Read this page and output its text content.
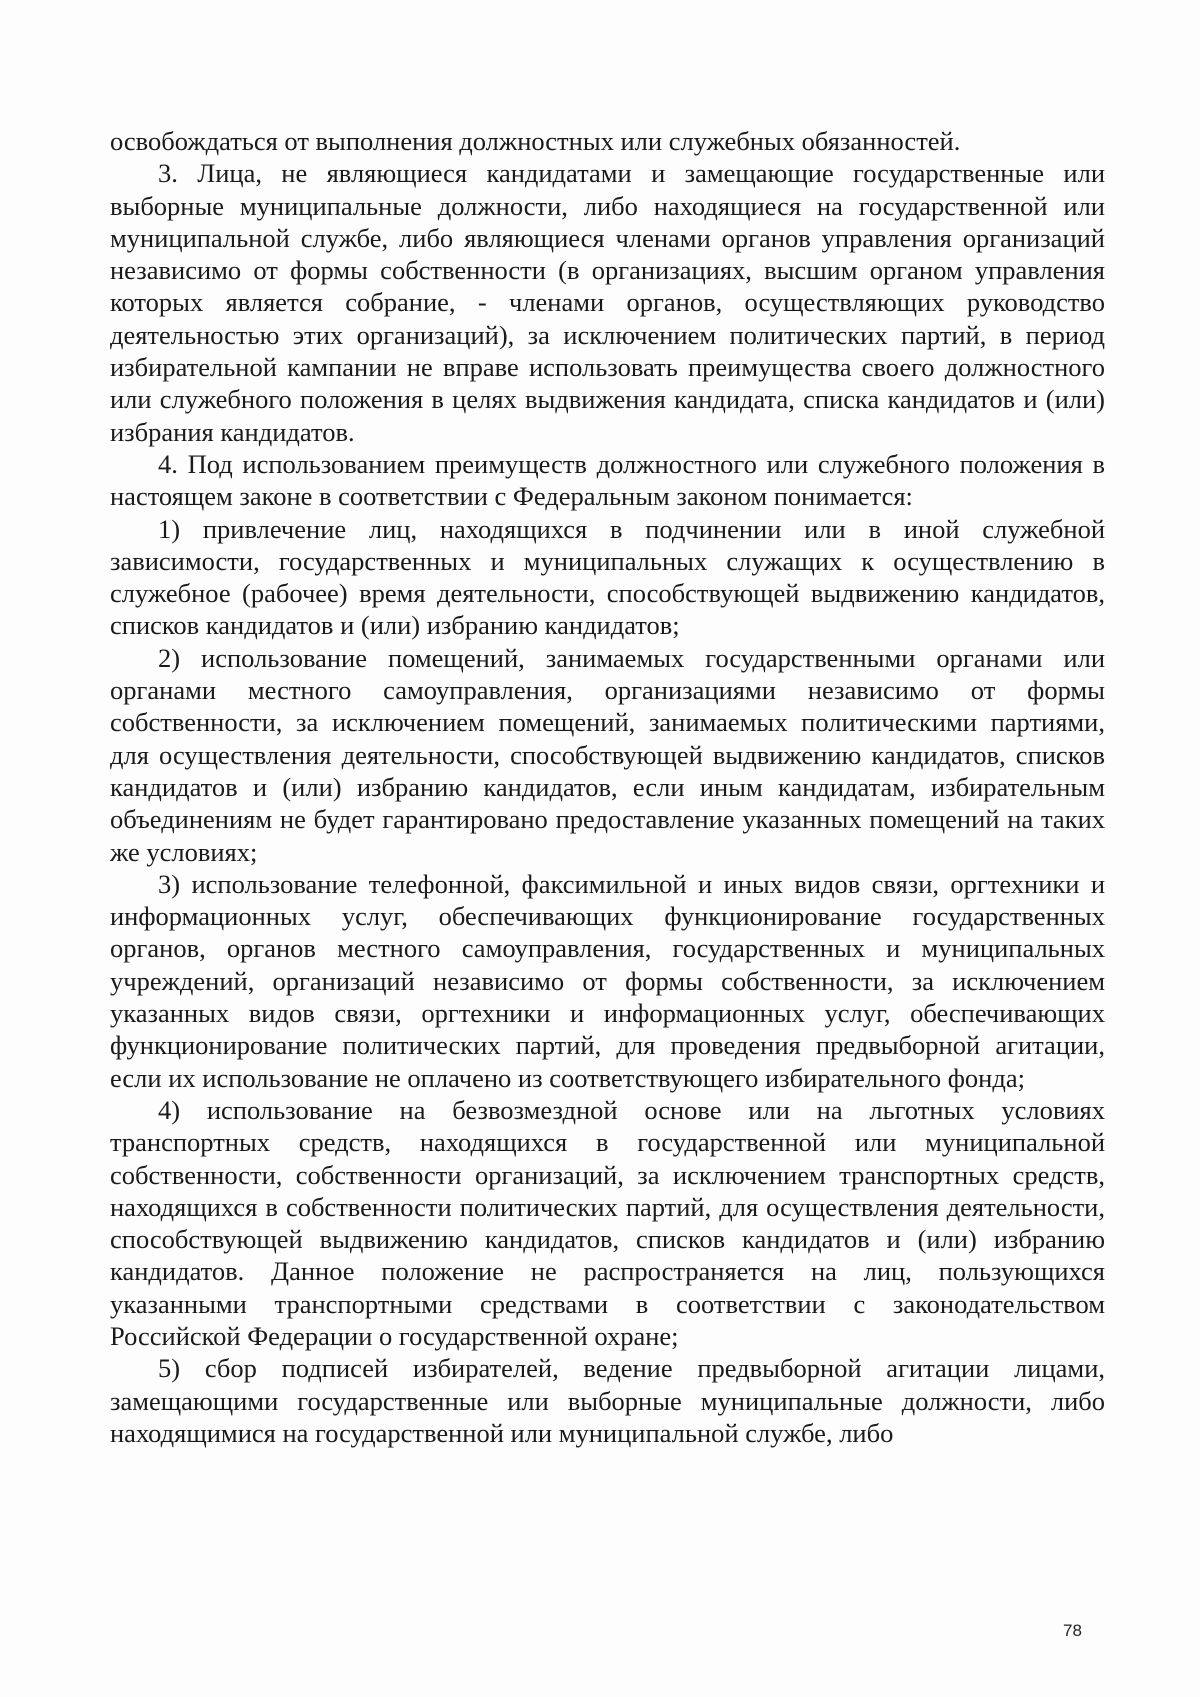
освобождаться от выполнения должностных или служебных обязанностей.

3. Лица, не являющиеся кандидатами и замещающие государственные или выборные муниципальные должности, либо находящиеся на государственной или муниципальной службе, либо являющиеся членами органов управления организаций независимо от формы собственности (в организациях, высшим органом управления которых является собрание, - членами органов, осуществляющих руководство деятельностью этих организаций), за исключением политических партий, в период избирательной кампании не вправе использовать преимущества своего должностного или служебного положения в целях выдвижения кандидата, списка кандидатов и (или) избрания кандидатов.

4. Под использованием преимуществ должностного или служебного положения в настоящем законе в соответствии с Федеральным законом понимается:

1) привлечение лиц, находящихся в подчинении или в иной служебной зависимости, государственных и муниципальных служащих к осуществлению в служебное (рабочее) время деятельности, способствующей выдвижению кандидатов, списков кандидатов и (или) избранию кандидатов;

2) использование помещений, занимаемых государственными органами или органами местного самоуправления, организациями независимо от формы собственности, за исключением помещений, занимаемых политическими партиями, для осуществления деятельности, способствующей выдвижению кандидатов, списков кандидатов и (или) избранию кандидатов, если иным кандидатам, избирательным объединениям не будет гарантировано предоставление указанных помещений на таких же условиях;

3) использование телефонной, факсимильной и иных видов связи, оргтехники и информационных услуг, обеспечивающих функционирование государственных органов, органов местного самоуправления, государственных и муниципальных учреждений, организаций независимо от формы собственности, за исключением указанных видов связи, оргтехники и информационных услуг, обеспечивающих функционирование политических партий, для проведения предвыборной агитации, если их использование не оплачено из соответствующего избирательного фонда;

4) использование на безвозмездной основе или на льготных условиях транспортных средств, находящихся в государственной или муниципальной собственности, собственности организаций, за исключением транспортных средств, находящихся в собственности политических партий, для осуществления деятельности, способствующей выдвижению кандидатов, списков кандидатов и (или) избранию кандидатов. Данное положение не распространяется на лиц, пользующихся указанными транспортными средствами в соответствии с законодательством Российской Федерации о государственной охране;

5) сбор подписей избирателей, ведение предвыборной агитации лицами, замещающими государственные или выборные муниципальные должности, либо находящимися на государственной или муниципальной службе, либо

78
